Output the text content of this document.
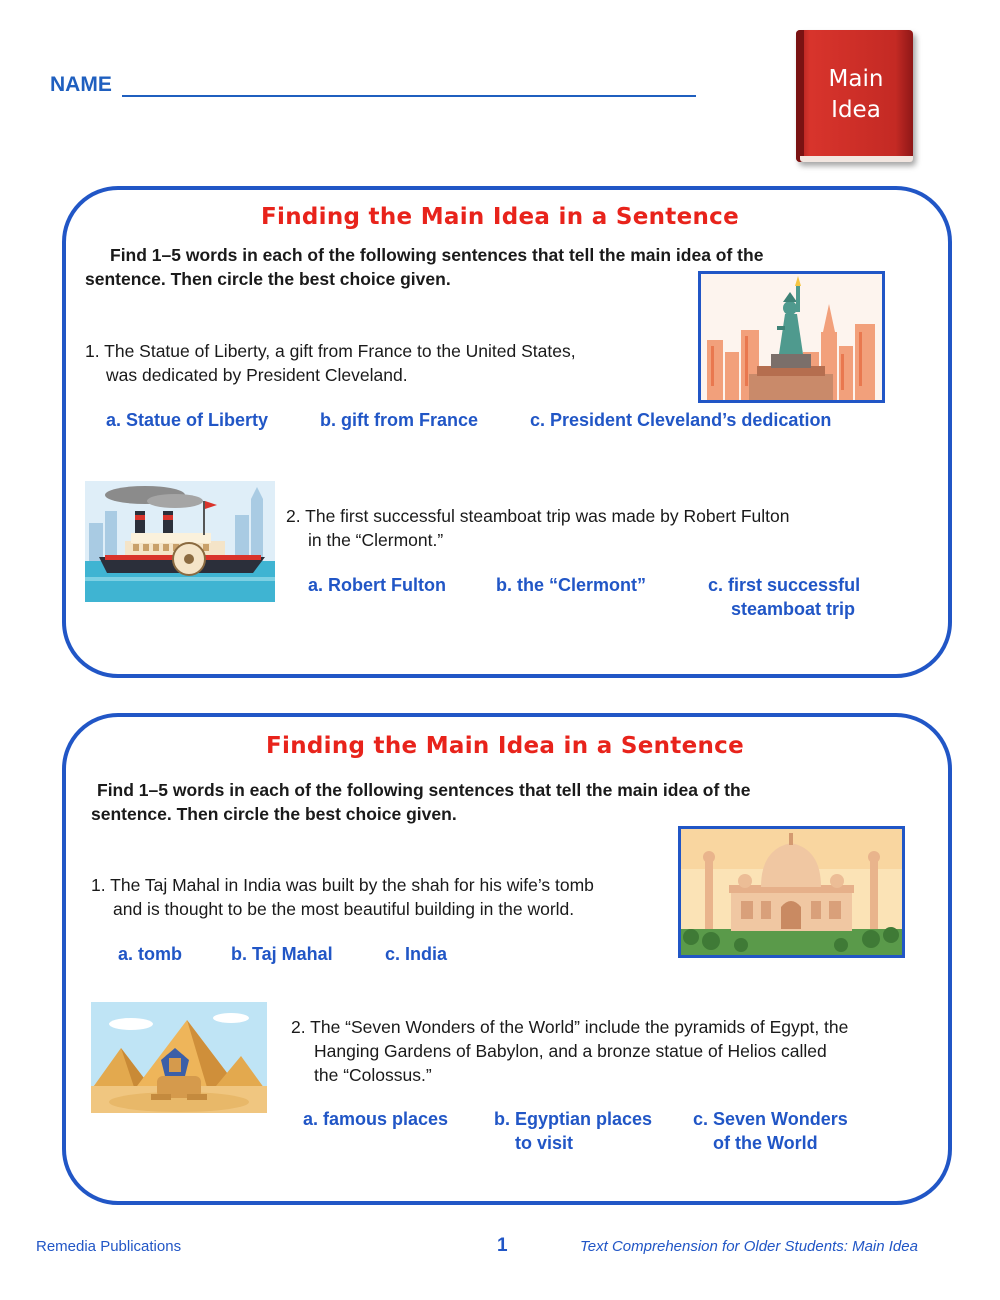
NAME	Main
Idea
Finding the Main Idea in a Sentence
Find 1–5 words in each of the following sentences that tell the main idea of the
sentence. Then circle the best choice given.
1. The Statue of Liberty, a gift from France to the United States,
was dedicated by President Cleveland.
a. Statue of Liberty	b. gift from France	c. President Cleveland’s dedication
2. The first successful steamboat trip was made by Robert Fulton
in the “Clermont.”
a. Robert Fulton	b. the “Clermont”	c. first successful
steamboat trip
Finding the Main Idea in a Sentence
Find 1–5 words in each of the following sentences that tell the main idea of the
sentence. Then circle the best choice given.
1. The Taj Mahal in India was built by the shah for his wife’s tomb
and is thought to be the most beautiful building in the world.
a. tomb	b. Taj Mahal	c. India
2. The “Seven Wonders of the World” include the pyramids of Egypt, the
Hanging Gardens of Babylon, and a bronze statue of Helios called
the “Colossus.”
a. famous places	b. Egyptian places
to visit
c. Seven Wonders
of the World
Remedia Publications	1	Text Comprehension for Older Students: Main Idea
